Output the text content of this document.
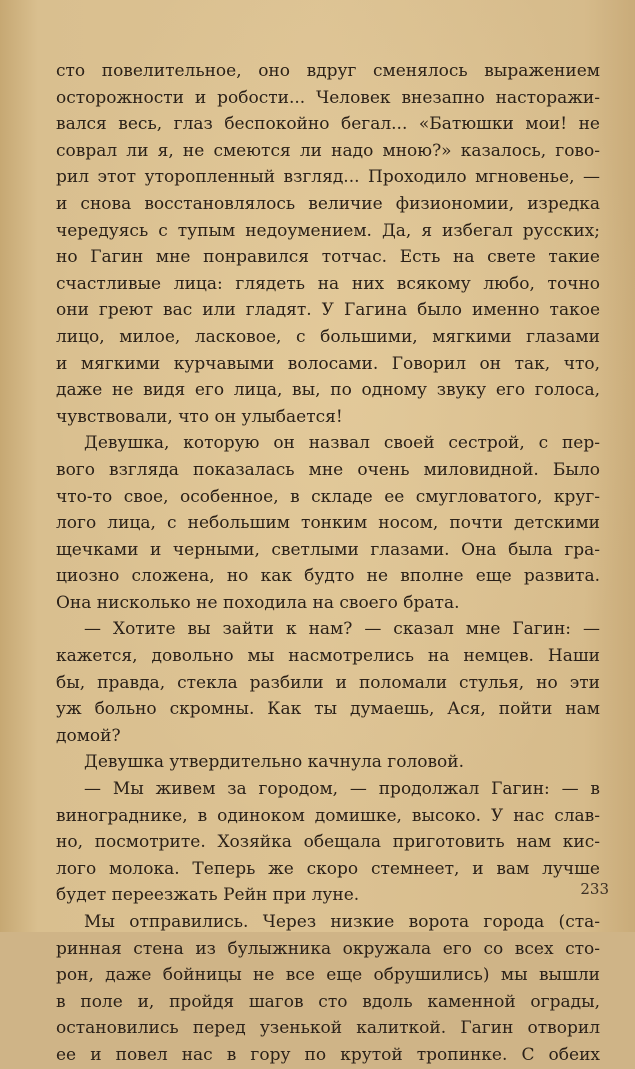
сто повелительное, оно вдруг сменялось выражением
осторожности и робости... Человек внезапно насторажи-
вался весь, глаз беспокойно бегал... «Батюшки мои! не
соврал ли я, не смеются ли надо мною?» казалось, гово-
рил этот уторопленный взгляд... Проходило мгновенье, —
и снова восстановлялось величие физиономии, изредка
чередуясь с тупым недоумением. Да, я избегал русских;
но Гагин мне понравился тотчас. Есть на свете такие
счастливые лица: глядеть на них всякому любо, точно
они греют вас или гладят. У Гагина было именно такое
лицо, милое, ласковое, с большими, мягкими глазами
и мягкими курчавыми волосами. Говорил он так, что,
даже не видя его лица, вы, по одному звуку его голоса,
чувствовали, что он улыбается!
Девушка, которую он назвал своей сестрой, с пер-
вого взгляда показалась мне очень миловидной. Было
что-то свое, особенное, в складе ее смугловатого, круг-
лого лица, с небольшим тонким носом, почти детскими
щечками и черными, светлыми глазами. Она была гра-
циозно сложена, но как будто не вполне еще развита.
Она нисколько не походила на своего брата.
— Хотите вы зайти к нам? — сказал мне Гагин: —
кажется, довольно мы насмотрелись на немцев. Наши
бы, правда, стекла разбили и поломали стулья, но эти
уж больно скромны. Как ты думаешь, Ася, пойти нам
домой?
Девушка утвердительно качнула головой.
— Мы живем за городом, — продолжал Гагин: — в
винограднике, в одиноком домишке, высоко. У нас слав-
но, посмотрите. Хозяйка обещала приготовить нам кис-
лого молока. Теперь же скоро стемнеет, и вам лучше
будет переезжать Рейн при луне.
Мы отправились. Через низкие ворота города (ста-
ринная стена из булыжника окружала его со всех сто-
рон, даже бойницы не все еще обрушились) мы вышли
в поле и, пройдя шагов сто вдоль каменной ограды,
остановились перед узенькой калиткой. Гагин отворил
ее и повел нас в гору по крутой тропинке. С обеих
233
